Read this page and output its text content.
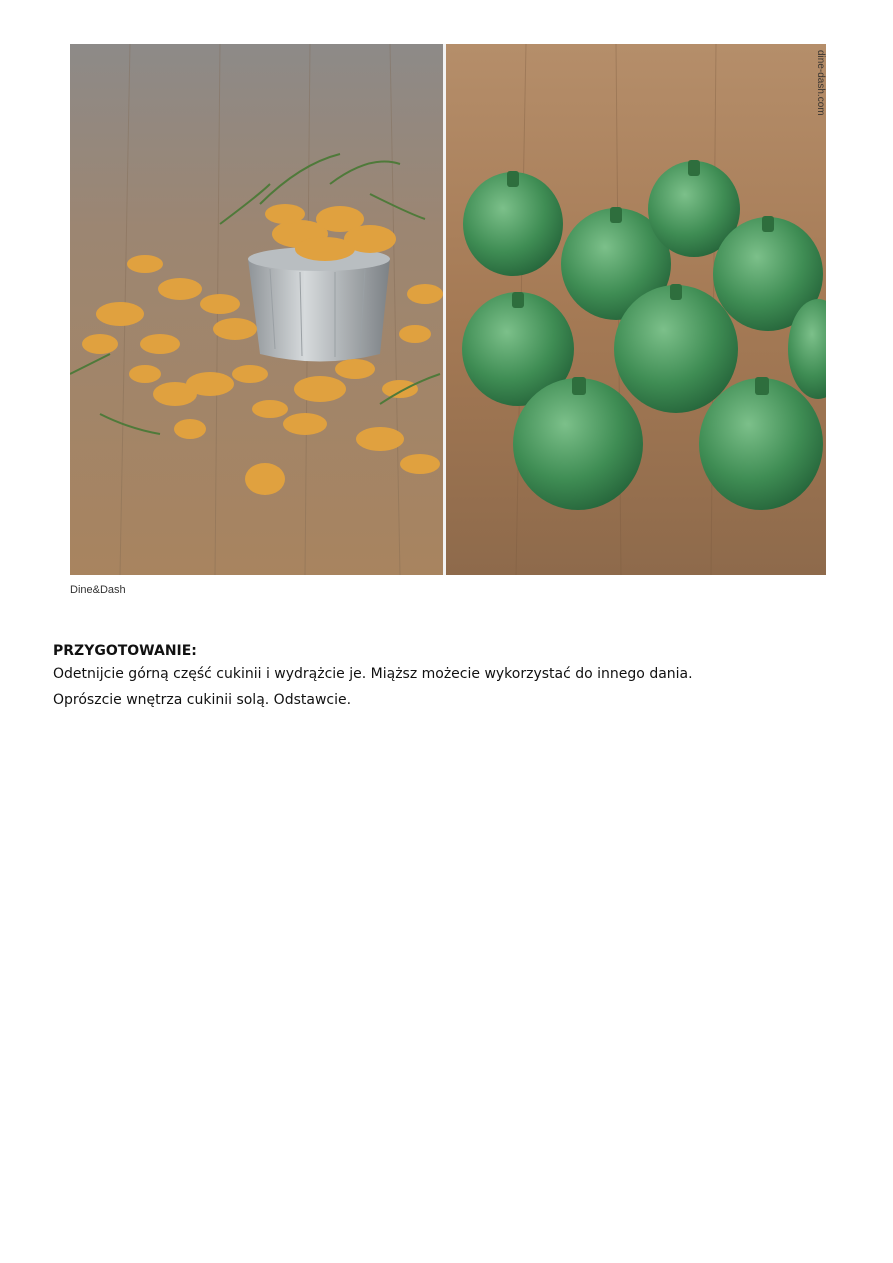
dine-dash.com
Dine&Dash
PRZYGOTOWANIE:

Odetnijcie górną część cukinii i wydrążcie je. Miąższ możecie wykorzystać do innego dania.

Oprószcie wnętrza cukinii solą. Odstawcie.
